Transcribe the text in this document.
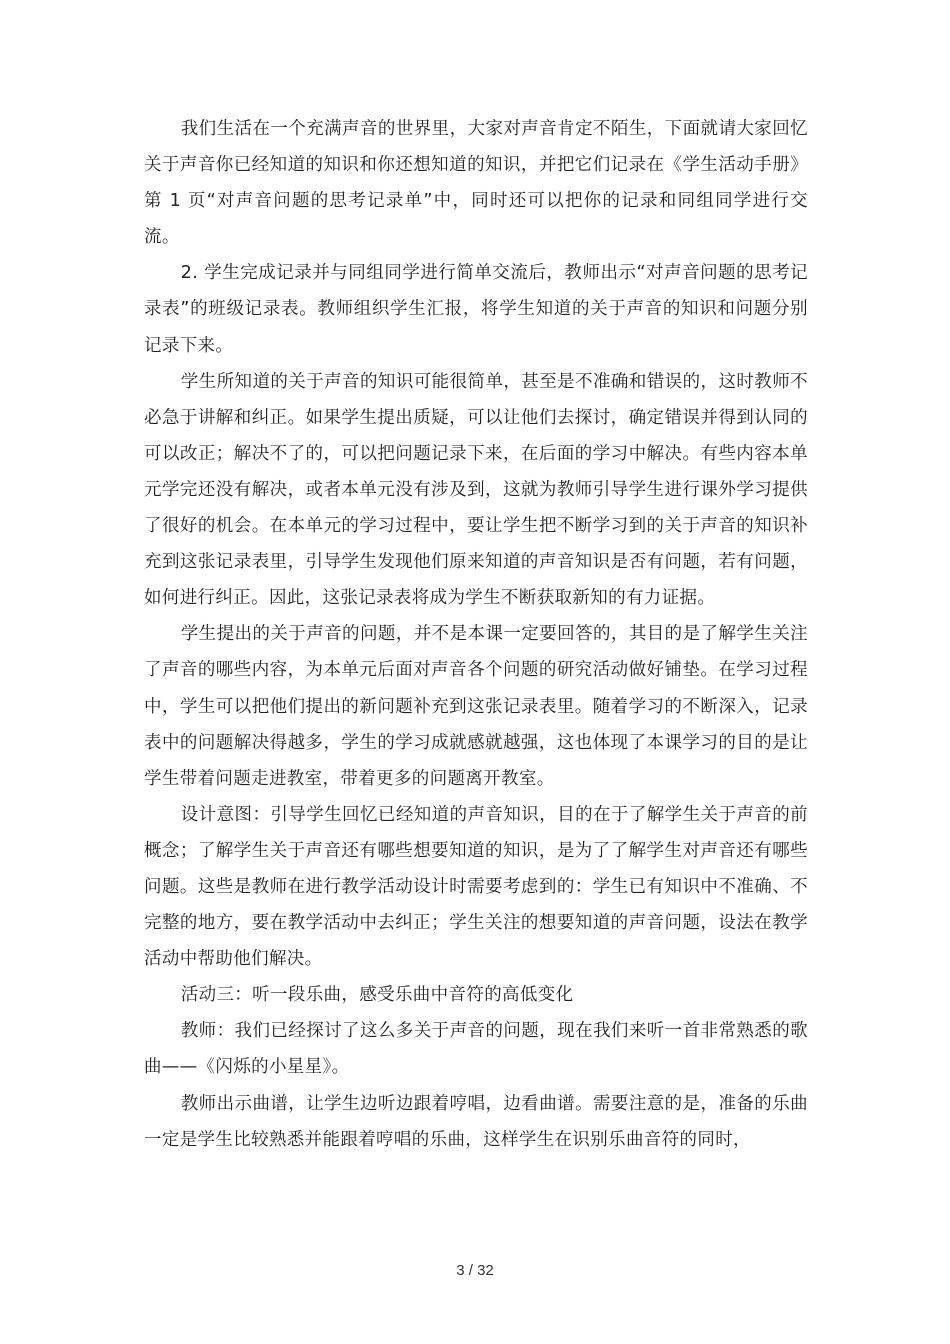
我们生活在一个充满声音的世界里，大家对声音肯定不陌生，下面就请大家回忆关于声音你已经知道的知识和你还想知道的知识，并把它们记录在《学生活动手册》第 1 页“对声音问题的思考记录单”中，同时还可以把你的记录和同组同学进行交流。

2. 学生完成记录并与同组同学进行简单交流后，教师出示“对声音问题的思考记录表”的班级记录表。教师组织学生汇报，将学生知道的关于声音的知识和问题分别记录下来。

学生所知道的关于声音的知识可能很简单，甚至是不准确和错误的，这时教师不必急于讲解和纠正。如果学生提出质疑，可以让他们去探讨，确定错误并得到认同的可以改正；解决不了的，可以把问题记录下来，在后面的学习中解决。有些内容本单元学完还没有解决，或者本单元没有涉及到，这就为教师引导学生进行课外学习提供了很好的机会。在本单元的学习过程中，要让学生把不断学习到的关于声音的知识补充到这张记录表里，引导学生发现他们原来知道的声音知识是否有问题，若有问题，如何进行纠正。因此，这张记录表将成为学生不断获取新知的有力证据。

学生提出的关于声音的问题，并不是本课一定要回答的，其目的是了解学生关注了声音的哪些内容，为本单元后面对声音各个问题的研究活动做好铺垫。在学习过程中，学生可以把他们提出的新问题补充到这张记录表里。随着学习的不断深入，记录表中的问题解决得越多，学生的学习成就感就越强，这也体现了本课学习的目的是让学生带着问题走进教室，带着更多的问题离开教室。

设计意图：引导学生回忆已经知道的声音知识，目的在于了解学生关于声音的前概念；了解学生关于声音还有哪些想要知道的知识，是为了了解学生对声音还有哪些问题。这些是教师在进行教学活动设计时需要考虑到的：学生已有知识中不准确、不完整的地方，要在教学活动中去纠正；学生关注的想要知道的声音问题，设法在教学活动中帮助他们解决。

活动三：听一段乐曲，感受乐曲中音符的高低变化

教师：我们已经探讨了这么多关于声音的问题，现在我们来听一首非常熟悉的歌曲——《闪烁的小星星》。

教师出示曲谱，让学生边听边跟着哼唱，边看曲谱。需要注意的是，准备的乐曲一定是学生比较熟悉并能跟着哼唱的乐曲，这样学生在识别乐曲音符的同时，

3 / 32
